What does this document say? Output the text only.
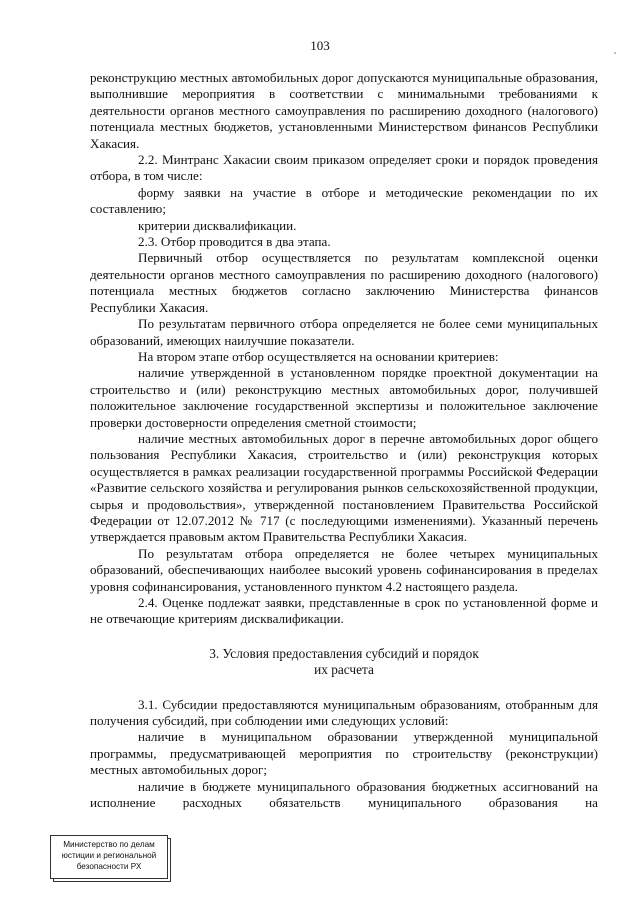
103

реконструкцию местных автомобильных дорог допускаются муниципальные образования, выполнившие мероприятия в соответствии с минимальными требованиями к деятельности органов местного самоуправления по расширению доходного (налогового) потенциала местных бюджетов, установленными Министерством финансов Республики Хакасия.

2.2. Минтранс Хакасии своим приказом определяет сроки и порядок проведения отбора, в том числе:

форму заявки на участие в отборе и методические рекомендации по их составлению;

критерии дисквалификации.

2.3. Отбор проводится в два этапа.

Первичный отбор осуществляется по результатам комплексной оценки деятельности органов местного самоуправления по расширению доходного (налогового) потенциала местных бюджетов согласно заключению Министерства финансов Республики Хакасия.

По результатам первичного отбора определяется не более семи муниципальных образований, имеющих наилучшие показатели.

На втором этапе отбор осуществляется на основании критериев:

наличие утвержденной в установленном порядке проектной документации на строительство и (или) реконструкцию местных автомобильных дорог, получившей положительное заключение государственной экспертизы и положительное заключение проверки достоверности определения сметной стоимости;

наличие местных автомобильных дорог в перечне автомобильных дорог общего пользования Республики Хакасия, строительство и (или) реконструкция которых осуществляется в рамках реализации государственной программы Российской Федерации «Развитие сельского хозяйства и регулирования рынков сельскохозяйственной продукции, сырья и продовольствия», утвержденной постановлением Правительства Российской Федерации от 12.07.2012 № 717 (с последующими изменениями). Указанный перечень утверждается правовым актом Правительства Республики Хакасия.

По результатам отбора определяется не более четырех муниципальных образований, обеспечивающих наиболее высокий уровень софинансирования в пределах уровня софинансирования, установленного пунктом 4.2 настоящего раздела.

2.4. Оценке подлежат заявки, представленные в срок по установленной форме и не отвечающие критериям дисквалификации.

3. Условия предоставления субсидий и порядок

их расчета

3.1. Субсидии предоставляются муниципальным образованиям, отобранным для получения субсидий, при соблюдении ими следующих условий:

наличие в муниципальном образовании утвержденной муниципальной программы, предусматривающей мероприятия по строительству (реконструкции) местных автомобильных дорог;

наличие в бюджете муниципального образования бюджетных ассигнований на исполнение расходных обязательств муниципального образования на

Министерство по делам
юстиции и региональной
безопасности РХ
